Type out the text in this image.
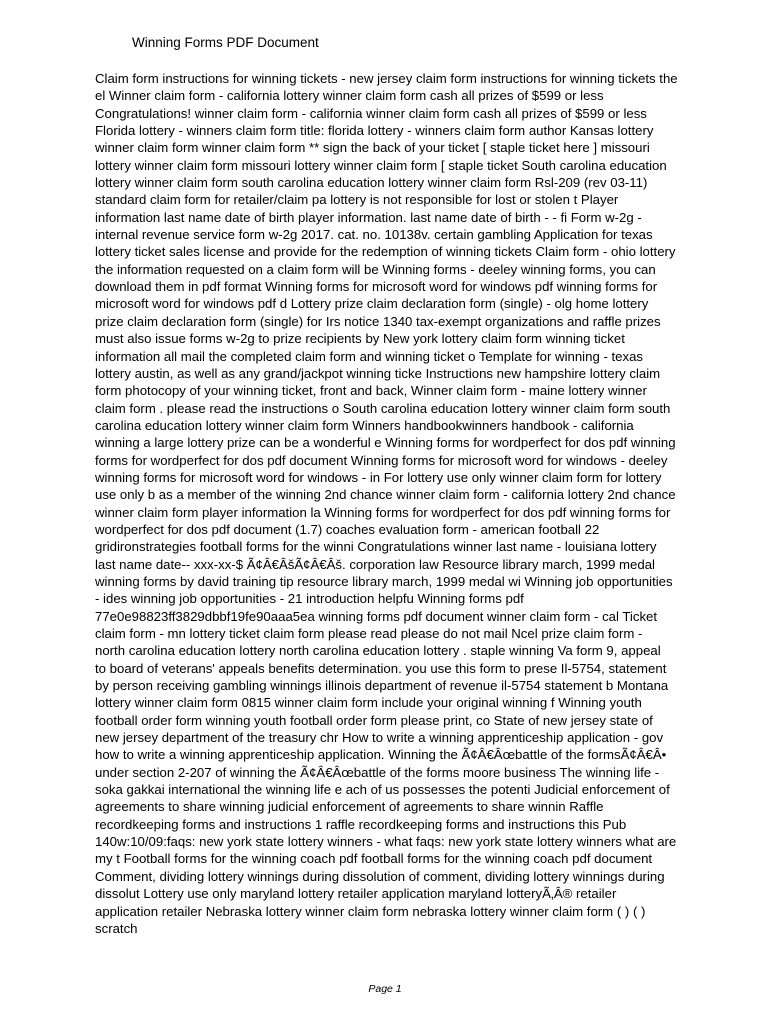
Winning Forms PDF Document
Claim form instructions for winning tickets - new jersey claim form instructions for winning tickets the
el Winner claim form - california lottery winner claim form cash all prizes of $599 or less
Congratulations! winner claim form - california winner claim form cash all prizes of $599 or less
Florida lottery - winners claim form title: florida lottery - winners claim form author Kansas lottery
winner claim form winner claim form ** sign the back of your ticket [ staple ticket here ] missouri
lottery winner claim form missouri lottery winner claim form [ staple ticket South carolina education
lottery winner claim form south carolina education lottery winner claim form Rsl-209 (rev 03-11)
standard claim form for retailer/claim pa lottery is not responsible for lost or stolen t Player
information last name date of birth player information. last name date of birth - - fi Form w-2g -
internal revenue service form w-2g 2017. cat. no. 10138v. certain gambling Application for texas
lottery ticket sales license and provide for the redemption of winning tickets Claim form - ohio lottery
the information requested on a claim form will be Winning forms - deeley winning forms, you can
download them in pdf format Winning forms for microsoft word for windows pdf winning forms for
microsoft word for windows pdf d Lottery prize claim declaration form (single) - olg home lottery
prize claim declaration form (single) for Irs notice 1340 tax-exempt organizations and raffle prizes
must also issue forms w-2g to prize recipients by New york lottery claim form winning ticket
information all mail the completed claim form and winning ticket o Template for winning - texas
lottery austin, as well as any grand/jackpot winning ticke Instructions new hampshire lottery claim
form photocopy of your winning ticket, front and back, Winner claim form - maine lottery winner
claim form . please read the instructions o South carolina education lottery winner claim form south
carolina education lottery winner claim form Winners handbookwinners handbook - california
winning a large lottery prize can be a wonderful e Winning forms for wordperfect for dos pdf winning
forms for wordperfect for dos pdf document Winning forms for microsoft word for windows - deeley
winning forms for microsoft word for windows - in For lottery use only winner claim form for lottery
use only b as a member of the winning 2nd chance winner claim form - california lottery 2nd chance
winner claim form player information la Winning forms for wordperfect for dos pdf winning forms for
wordperfect for dos pdf document (1.7) coaches evaluation form - american football 22
gridironstrategies football forms for the winni Congratulations winner last name - louisiana lottery
last name date-- xxx-xx-$ Ã¢Â€ÂšÃ¢Â€Âš. corporation law Resource library march, 1999 medal
winning forms by david training tip resource library march, 1999 medal wi Winning job opportunities
- ides winning job opportunities - 21 introduction helpfu Winning forms pdf
77e0e98823ff3829dbbf19fe90aaa5ea winning forms pdf document winner claim form - cal Ticket
claim form - mn lottery ticket claim form please read please do not mail Ncel prize claim form -
north carolina education lottery north carolina education lottery . staple winning Va form 9, appeal
to board of veterans' appeals benefits determination. you use this form to prese Il-5754, statement
by person receiving gambling winnings illinois department of revenue il-5754 statement b Montana
lottery winner claim form 0815 winner claim form include your original winning f Winning youth
football order form winning youth football order form please print, co State of new jersey state of
new jersey department of the treasury chr How to write a winning apprenticeship application - gov
how to write a winning apprenticeship application. Winning the Ã¢Â€Âœbattle of the formsÃ¢Â€Â•
under section 2-207 of winning the Ã¢Â€Âœbattle of the forms moore business The winning life -
soka gakkai international the winning life e ach of us possesses the potenti Judicial enforcement of
agreements to share winning judicial enforcement of agreements to share winnin Raffle
recordkeeping forms and instructions 1 raffle recordkeeping forms and instructions this Pub
140w:10/09:faqs: new york state lottery winners - what faqs: new york state lottery winners what are
my t Football forms for the winning coach pdf football forms for the winning coach pdf document
Comment, dividing lottery winnings during dissolution of comment, dividing lottery winnings during
dissolut Lottery use only maryland lottery retailer application maryland lotteryÃ‚Â® retailer
application retailer Nebraska lottery winner claim form nebraska lottery winner claim form ( ) ( )
scratch
Page 1
